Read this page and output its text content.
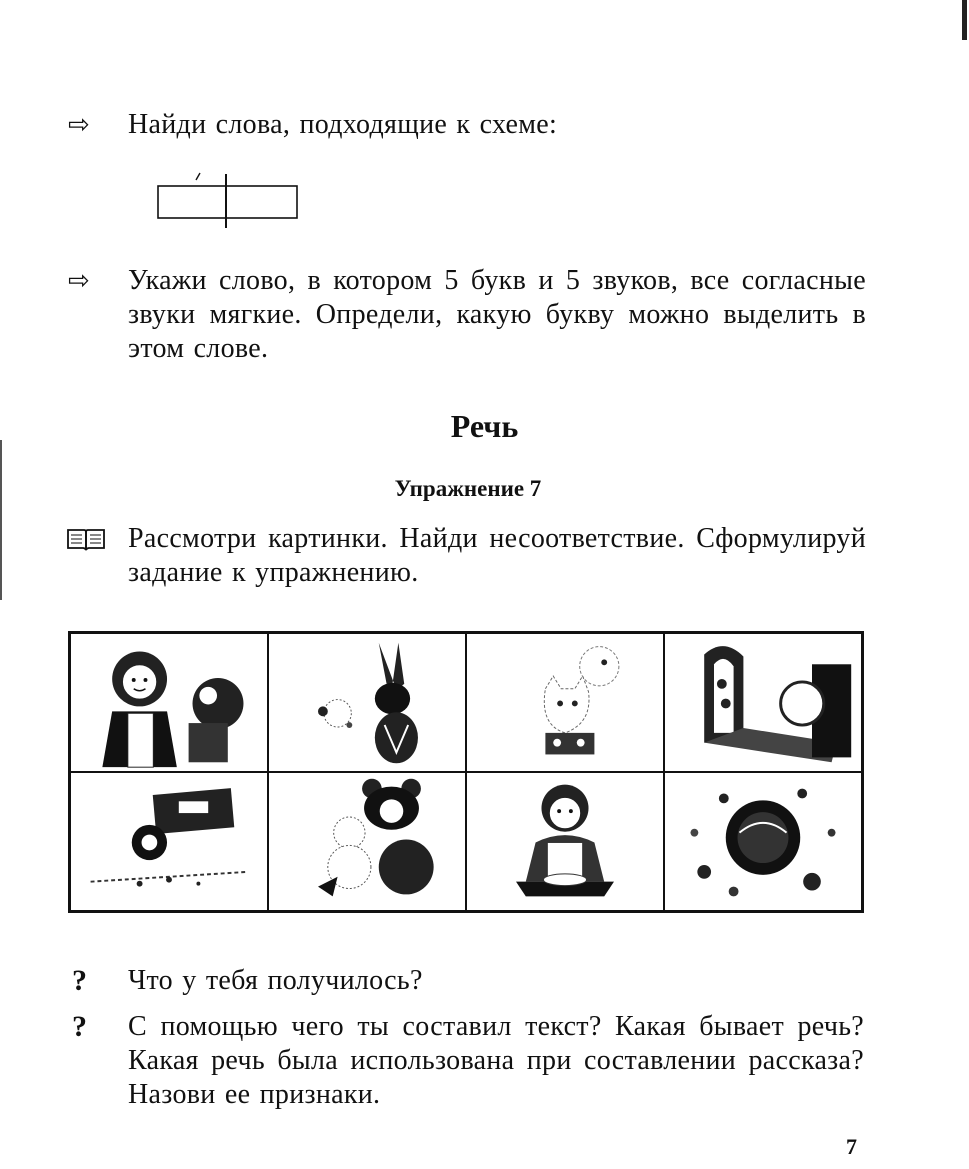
⇨ Найди слова, подходящие к схеме:
⇨ Укажи слово, в котором 5 букв и 5 звуков, все согласные звуки мягкие. Определи, какую букву можно выделить в этом слове.
Речь
Упражнение 7
Рассмотри картинки. Найди несоответствие. Сформулируй задание к упражнению.
? Что у тебя получилось?
? С помощью чего ты составил текст? Какая бывает речь? Какая речь была использована при составлении рассказа? Назови ее признаки.
7
